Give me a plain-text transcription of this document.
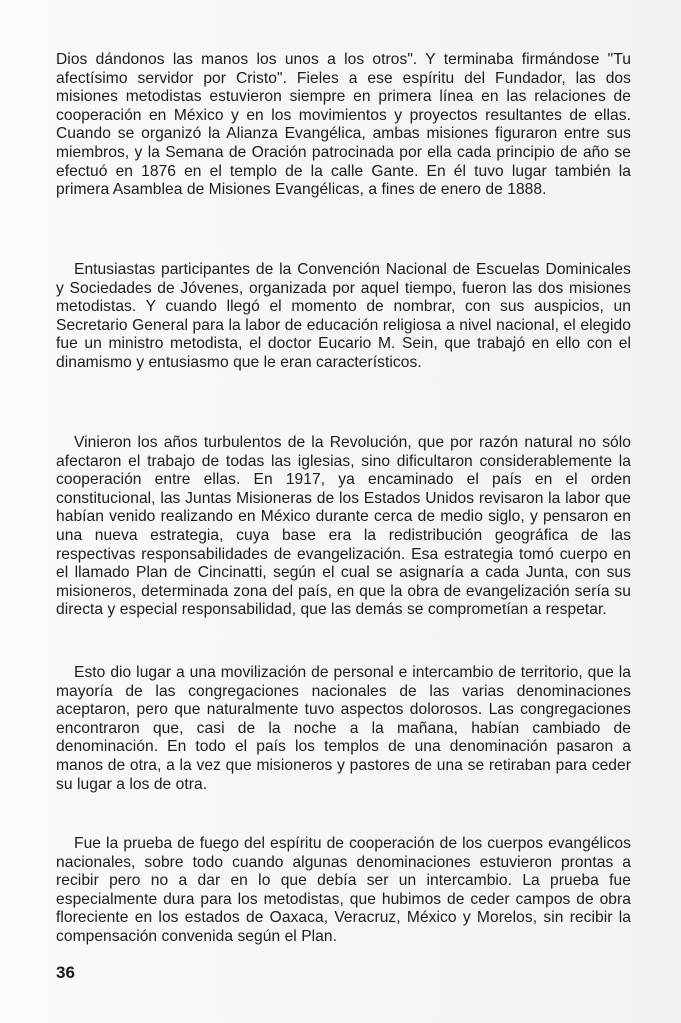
Dios dándonos las manos los unos a los otros". Y terminaba firmándose "Tu afectísimo servidor por Cristo". Fieles a ese espíritu del Fundador, las dos misiones metodistas estuvieron siempre en primera línea en las relaciones de cooperación en México y en los movimientos y proyectos resultantes de ellas. Cuando se organizó la Alianza Evangélica, ambas misiones figuraron entre sus miembros, y la Semana de Oración patrocinada por ella cada principio de año se efectuó en 1876 en el templo de la calle Gante. En él tuvo lugar también la primera Asamblea de Misiones Evangélicas, a fines de enero de 1888.

Entusiastas participantes de la Convención Nacional de Escuelas Dominicales y Sociedades de Jóvenes, organizada por aquel tiempo, fueron las dos misiones metodistas. Y cuando llegó el momento de nombrar, con sus auspicios, un Secretario General para la labor de educación religiosa a nivel nacional, el elegido fue un ministro metodista, el doctor Eucario M. Sein, que trabajó en ello con el dinamismo y entusiasmo que le eran característicos.

Vinieron los años turbulentos de la Revolución, que por razón natural no sólo afectaron el trabajo de todas las iglesias, sino dificultaron considerablemente la cooperación entre ellas. En 1917, ya encaminado el país en el orden constitucional, las Juntas Misioneras de los Estados Unidos revisaron la labor que habían venido realizando en México durante cerca de medio siglo, y pensaron en una nueva estrategia, cuya base era la redistribución geográfica de las respectivas responsabilidades de evangelización. Esa estrategia tomó cuerpo en el llamado Plan de Cincinatti, según el cual se asignaría a cada Junta, con sus misioneros, determinada zona del país, en que la obra de evangelización sería su directa y especial responsabilidad, que las demás se comprometían a respetar.

Esto dio lugar a una movilización de personal e intercambio de territorio, que la mayoría de las congregaciones nacionales de las varias denominaciones aceptaron, pero que naturalmente tuvo aspectos dolorosos. Las congregaciones encontraron que, casi de la noche a la mañana, habían cambiado de denominación. En todo el país los templos de una denominación pasaron a manos de otra, a la vez que misioneros y pastores de una se retiraban para ceder su lugar a los de otra.

Fue la prueba de fuego del espíritu de cooperación de los cuerpos evangélicos nacionales, sobre todo cuando algunas denominaciones estuvieron prontas a recibir pero no a dar en lo que debía ser un intercambio. La prueba fue especialmente dura para los metodistas, que hubimos de ceder campos de obra floreciente en los estados de Oaxaca, Veracruz, México y Morelos, sin recibir la compensación convenida según el Plan.

36
